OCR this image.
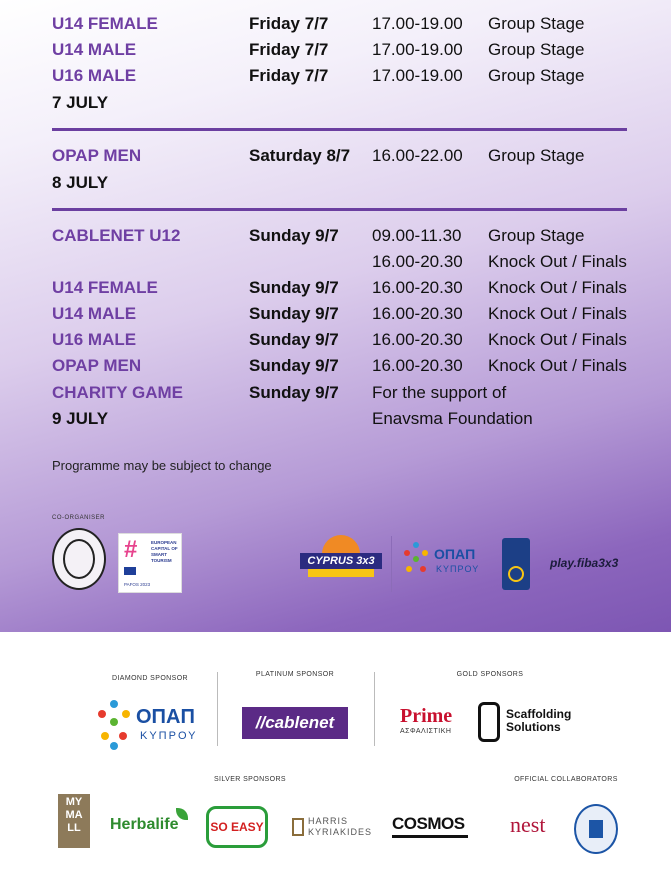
U14 FEMALE	Friday 7/7	17.00-19.00 Group Stage
U14 MALE	Friday 7/7	17.00-19.00 Group Stage
U16 MALE	Friday 7/7	17.00-19.00 Group Stage
7 JULY
OPAP MEN	Saturday 8/7 16.00-22.00 Group Stage
8 JULY
CABLENET U12	Sunday 9/7 09.00-11.30 Group Stage
16.00-20.30 Knock Out / Finals
U14 FEMALE	Sunday 9/7 16.00-20.30 Knock Out / Finals
U14 MALE	Sunday 9/7 16.00-20.30 Knock Out / Finals
U16 MALE	Sunday 9/7 16.00-20.30 Knock Out / Finals
OPAP MEN	Sunday 9/7 16.00-20.30 Knock Out / Finals
CHARITY GAME	Sunday 9/7 For the support of
9 JULY	Enavsma Foundation
Programme may be subject to change
CO-ORGANISER
#	EUROPEAN CAPITAL OF SMART TOURISM
PAFOS 2023
CYPRUS 3x3	ΟΠΑΠ
ΚΥΠΡΟΥ	play.fiba3x3
DIAMOND SPONSOR
PLATINUM SPONSOR	GOLD SPONSORS
ΟΠΑΠ
ΚΥΠΡΟΥ
//cablenet	Prime
ΑΣΦΑΛΙΣΤΙΚΗ
Scaffolding Solutions
SILVER SPONSORS	OFFICIAL COLLABORATORS
MY MA LL	Herbalife	SO EASY	HARRIS KYRIAKIDES COSMOS nest
